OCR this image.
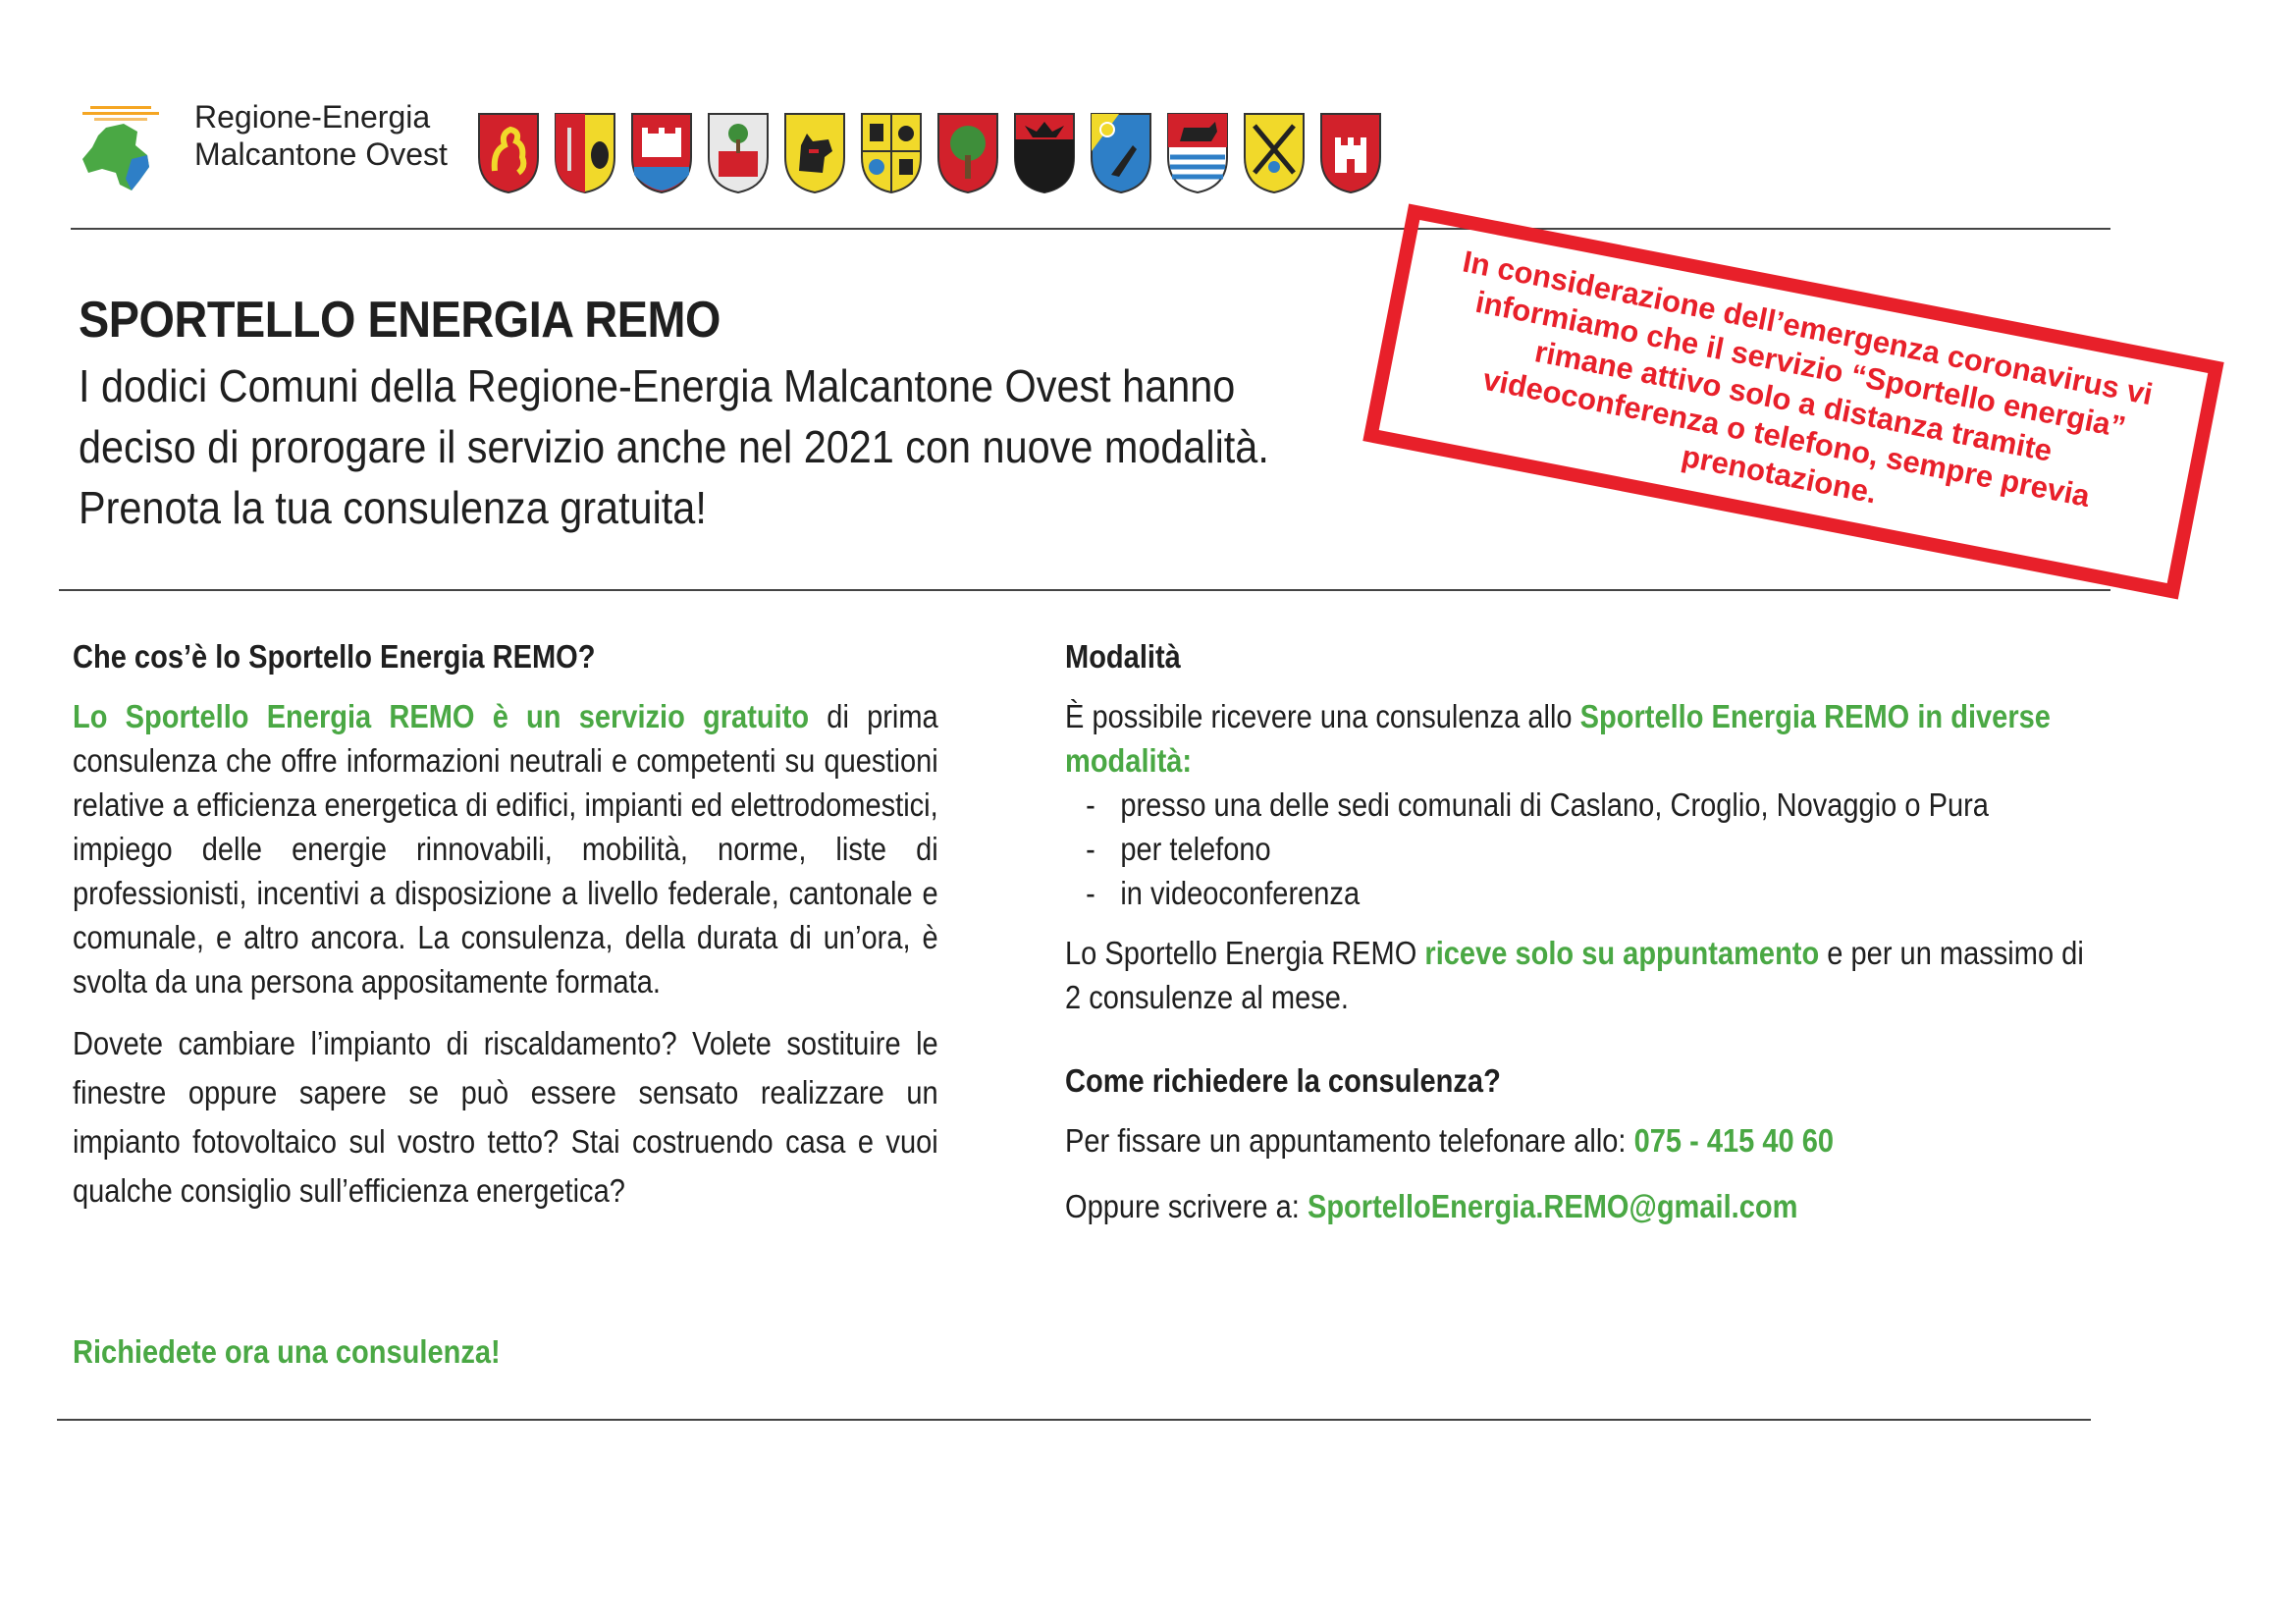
Regione-Energia
Malcantone Ovest
SPORTELLO ENERGIA REMO

I dodici Comuni della Regione-Energia Malcantone Ovest hanno

deciso di prorogare il servizio anche nel 2021 con nuove modalità.

Prenota la tua consulenza gratuita!

In considerazione dell’emergenza coronavirus vi informiamo che il servizio “Sportello energia” rimane attivo solo a distanza tramite videoconferenza o telefono, sempre previa prenotazione.
Che cos’è lo Sportello Energia REMO?
Lo Sportello Energia REMO è un servizio gratuito di prima consulenza che offre informazioni neutrali e competenti su questioni relative a efficienza energetica di edifici, impianti ed elettrodomestici, impiego delle energie rinnovabili, mobilità, norme, liste di professionisti, incentivi a disposizione a livello federale, cantonale e comunale, e altro ancora. La consulenza, della durata di un’ora, è svolta da una persona appositamente formata.
Dovete cambiare l’impianto di riscaldamento? Volete sostituire le finestre oppure sapere se può essere sensato realizzare un impianto fotovoltaico sul vostro tetto? Stai costruendo casa e vuoi qualche consiglio sull’efficienza energetica?
Richiedete ora una consulenza!
Modalità
È possibile ricevere una consulenza allo Sportello Energia REMO in diverse modalità:
- presso una delle sedi comunali di Caslano, Croglio, Novaggio o Pura
- per telefono
- in videoconferenza
Lo Sportello Energia REMO riceve solo su appuntamento e per un massimo di 2 consulenze al mese.
Come richiedere la consulenza?
Per fissare un appuntamento telefonare allo: 075 - 415 40 60
Oppure scrivere a: SportelloEnergia.REMO@gmail.com
